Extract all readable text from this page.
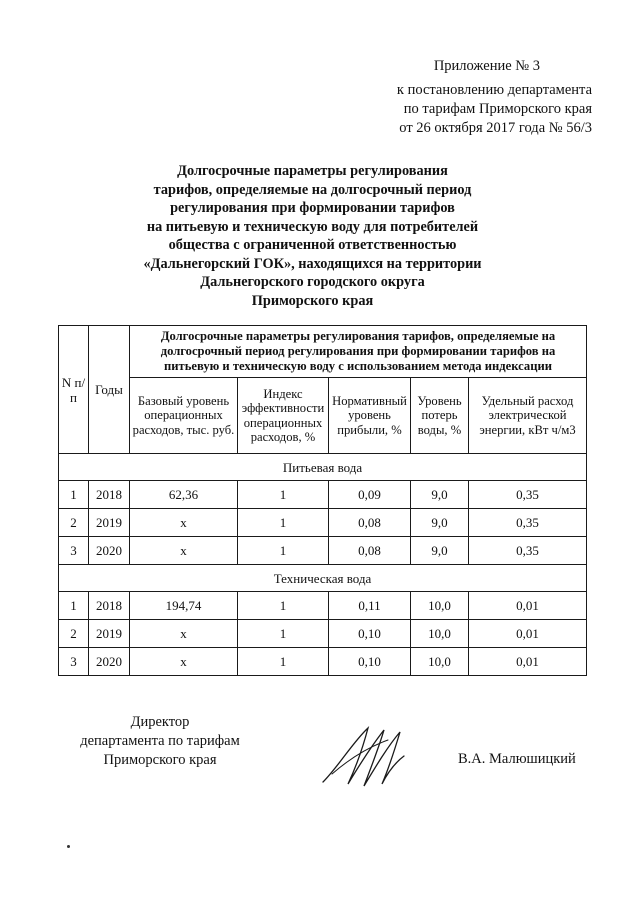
Приложение № 3
к постановлению департамента
по тарифам Приморского края
от 26 октября 2017 года № 56/3
Долгосрочные параметры регулирования
тарифов, определяемые на долгосрочный период
регулирования при формировании тарифов
на питьевую и техническую воду для потребителей
общества с ограниченной ответственностью
«Дальнегорский ГОК», находящихся на территории
Дальнегорского городского округа
Приморского края
N п/п	Годы	Долгосрочные параметры регулирования тарифов, определяемые на долгосрочный период регулирования при формировании тарифов на питьевую и техническую воду с использованием метода индексации				
		Базовый уровень операционных расходов, тыс. руб.	Индекс эффективности операционных расходов, %	Нормативный уровень прибыли, %	Уровень потерь воды, %	Удельный расход электрической энергии, кВт ч/м3
Питьевая вода						
1	2018	62,36	1	0,09	9,0	0,35
2	2019	х	1	0,08	9,0	0,35
3	2020	х	1	0,08	9,0	0,35
Техническая вода						
1	2018	194,74	1	0,11	10,0	0,01
2	2019	х	1	0,10	10,0	0,01
3	2020	х	1	0,10	10,0	0,01
Директор
департамента по тарифам
Приморского края	В.А. Малюшицкий
